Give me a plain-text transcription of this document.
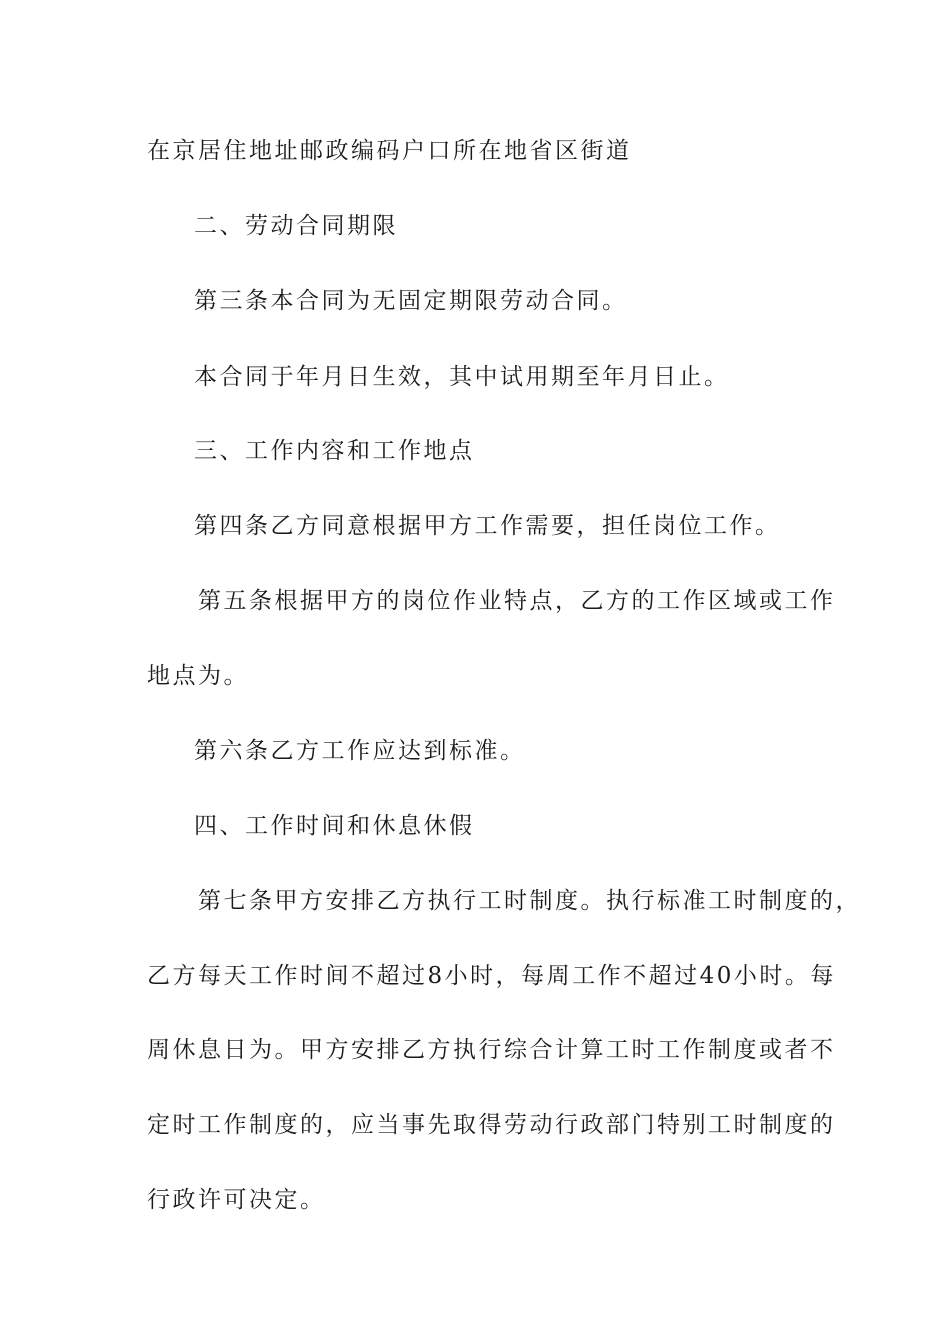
在京居住地址邮政编码户口所在地省区街道
二、劳动合同期限
第三条本合同为无固定期限劳动合同。
本合同于年月日生效，其中试用期至年月日止。
三、工作内容和工作地点
第四条乙方同意根据甲方工作需要，担任岗位工作。
第五条根据甲方的岗位作业特点，乙方的工作区域或工作
地点为。
第六条乙方工作应达到标准。
四、工作时间和休息休假
第七条甲方安排乙方执行工时制度。执行标准工时制度的，
乙方每天工作时间不超过8小时，每周工作不超过40小时。每
周休息日为。甲方安排乙方执行综合计算工时工作制度或者不
定时工作制度的，应当事先取得劳动行政部门特别工时制度的
行政许可决定。
